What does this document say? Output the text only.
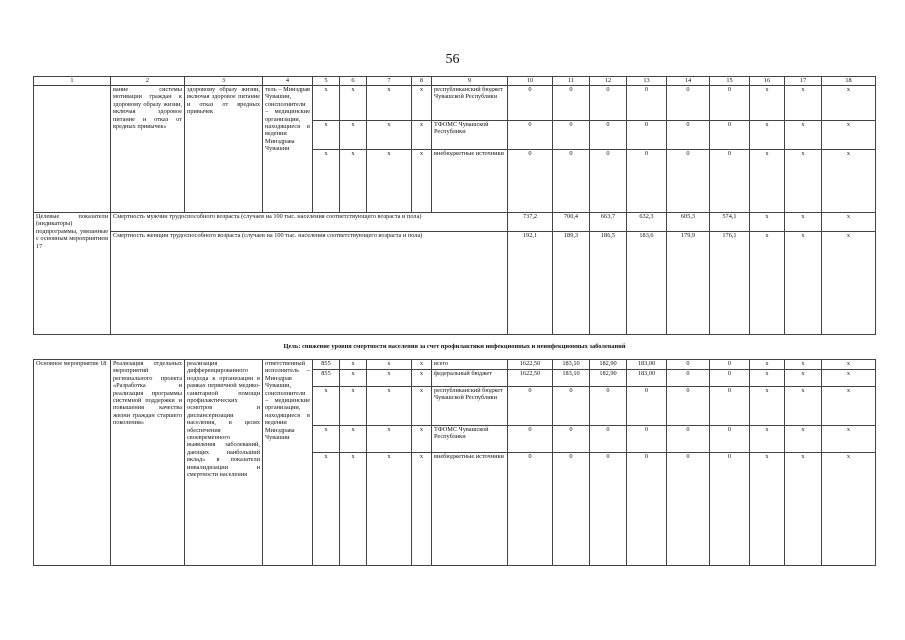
56
1	2	3	4	5	6	7	8	9	10	11	12	13	14	15	16	17	18
	вание системы мотивации граждан к здоровому образу жизни, включая здоровое питание и отказ от вредных привычек»	здоровому образу жизни, включая здоровое питание и отказ от вредных привычек	тель – Минздрав Чувашии, соисполнители – медицинские организации, находящиеся в ведении Минздрава Чувашии	х	х	х	х	республиканский бюджет Чувашской Республики	0	0	0	0	0	0	х	х	х
				х	х	х	х	ТФОМС Чувашской Республики	0	0	0	0	0	0	х	х	х
				х	х	х	х	внебюджетные источники	0	0	0	0	0	0	х	х	х
Целевые показатели (индикаторы) подпрограммы, увязанные с основным мероприятием 17	Смертность мужчин трудоспособного возраста (случаев на 100 тыс. населения соответствующего возраста и пола)								737,2	700,4	663,7	632,3	605,3	574,1	х	х	х
	Смертность женщин трудоспособного возраста (случаев на 100 тыс. населения соответствующего возраста и пола)								192,1	189,3	186,5	183,6	179,9	176,1	х	х	х
Цель: снижение уровня смертности населения за счет профилактики инфекционных и неинфекционных заболеваний																	
Основное мероприятие 18	Реализация отдельных мероприятий регионального проекта «Разработка и реализация программы системной поддержки и повышения качества жизни граждан старшего поколения»	реализация дифференцированного подхода к организации в рамках первичной медико-санитарной помощи профилактических осмотров и диспансеризации населения, в целях обеспечения своевременного выявления заболеваний, дающих наибольший вклад» в показатели инвалидизации и смертности населения	ответственный исполнитель – Минздрав Чувашии, соисполнители – медицинские организации, находящиеся в ведении Минздрава Чувашии	855	х	х	х	всего	1622,50	183,10	182,90	183,00	0	0	х	х	х
				855	х	х	х	федеральный бюджет	1622,50	183,10	182,90	183,00	0	0	х	х	х
				х	х	х	х	республиканский бюджет Чувашской Республики	0	0	0	0	0	0	х	х	х
				х	х	х	х	ТФОМС Чувашской Республики	0	0	0	0	0	0	х	х	х
				х	х	х	х	внебюджетные источники	0	0	0	0	0	0	х	х	х
